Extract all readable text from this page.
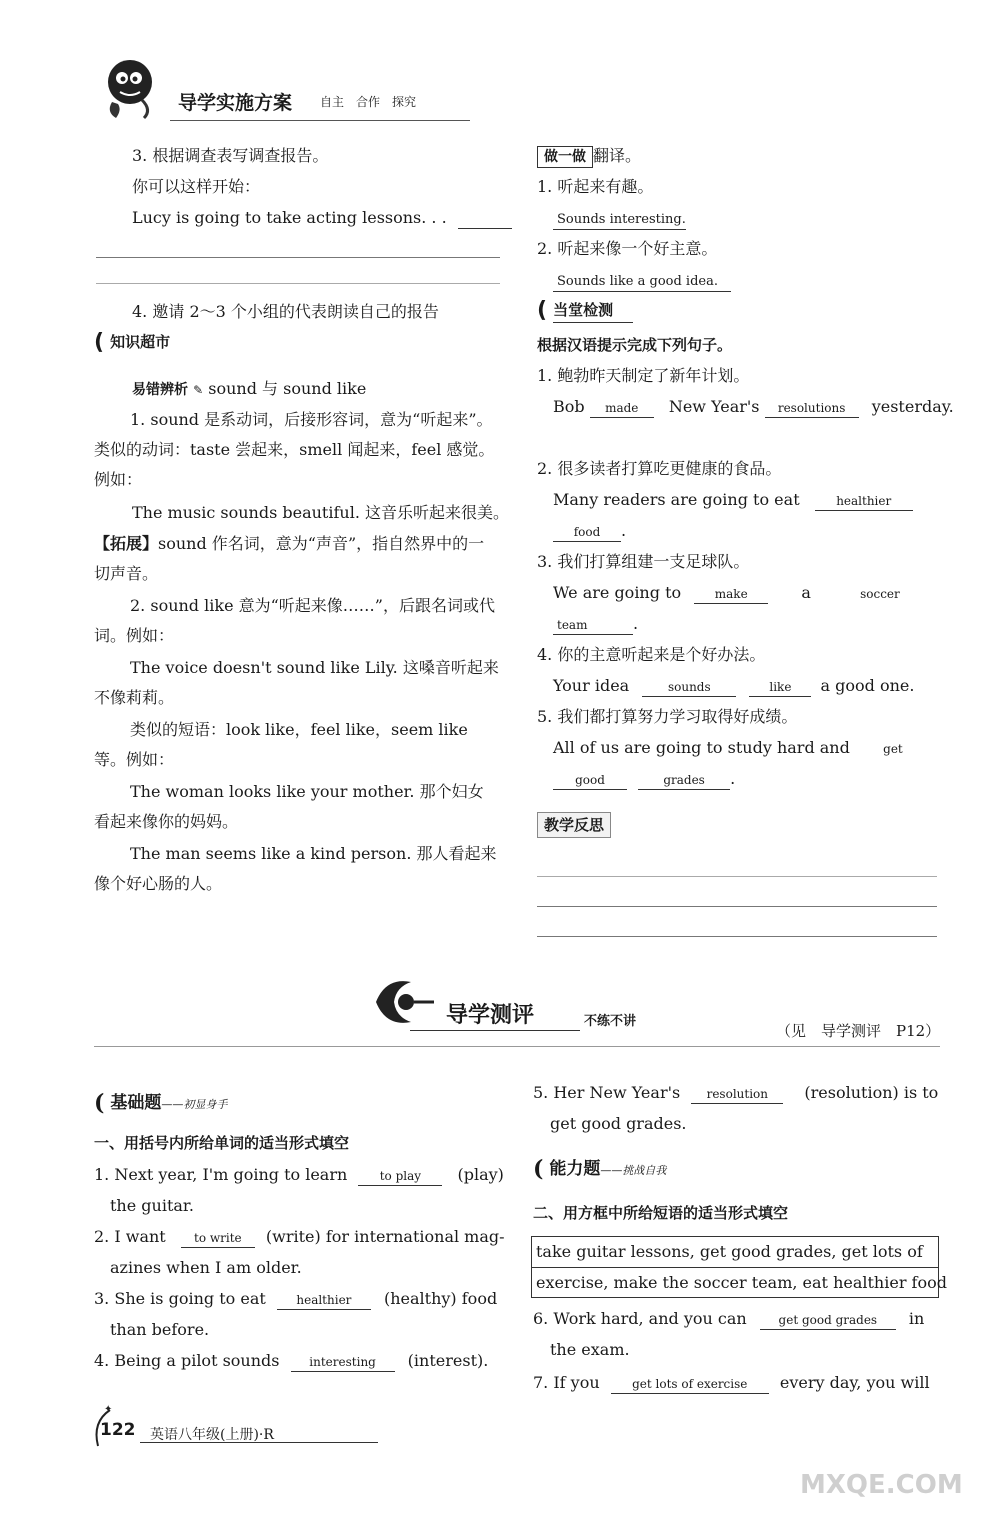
导学实施方案 自主　合作　探究
3. 根据调查表写调查报告。
你可以这样开始：
Lucy is going to take acting lessons. . .
4. 邀请 2～3 个小组的代表朗读自己的报告
( 知识超市
易错辨析 ✎ sound 与 sound like
1. sound 是系动词，后接形容词，意为“听起来”。类似的动词：taste 尝起来，smell 闻起来，feel 感觉。例如：
The music sounds beautiful. 这音乐听起来很美。
【拓展】sound 作名词，意为“声音”，指自然界中的一切声音。
2. sound like 意为“听起来像……”，后跟名词或代词。例如：
The voice doesn't sound like Lily. 这嗓音听起来不像莉莉。
类似的短语：look like，feel like，seem like 等。例如：
The woman looks like your mother. 那个妇女看起来像你的妈妈。
The man seems like a kind person. 那人看起来像个好心肠的人。
做一做 翻译。
1. 听起来有趣。
Sounds interesting.
2. 听起来像一个好主意。
Sounds like a good idea.
( 当堂检测
根据汉语提示完成下列句子。
1. 鲍勃昨天制定了新年计划。
Bob made New Year's resolutions yesterday.
2. 很多读者打算吃更健康的食品。
Many readers are going to eat	healthier
food .
3. 我们打算组建一支足球队。
We are going to	make	a	soccer
team	.
4. 你的主意听起来是个好办法。
Your idea	sounds	like a good one.
5. 我们都打算努力学习取得好成绩。
All of us are going to study hard and	get
good	grades .
教学反思
导学测评	不练不讲
（见　导学测评　P12）
( 基础题——初显身手
一、用括号内所给单词的适当形式填空
1. Next year, I'm going to learn	to play (play)
the guitar.
2. I want to write (write) for international mag-
azines when I am older.
3. She is going to eat	healthier (healthy) food
than before.
4. Being a pilot sounds interesting (interest).
5. Her New Year's resolution (resolution) is to
get good grades.
( 能力题——挑战自我
二、用方框中所给短语的适当形式填空
take guitar lessons, get good grades, get lots of
exercise, make the soccer team, eat healthier food
6. Work hard, and you can	get good grades in
the exam.
7. If you	get lots of exercise every day, you will
122
✦
英语八年级(上册)·R
MXQE.COM
